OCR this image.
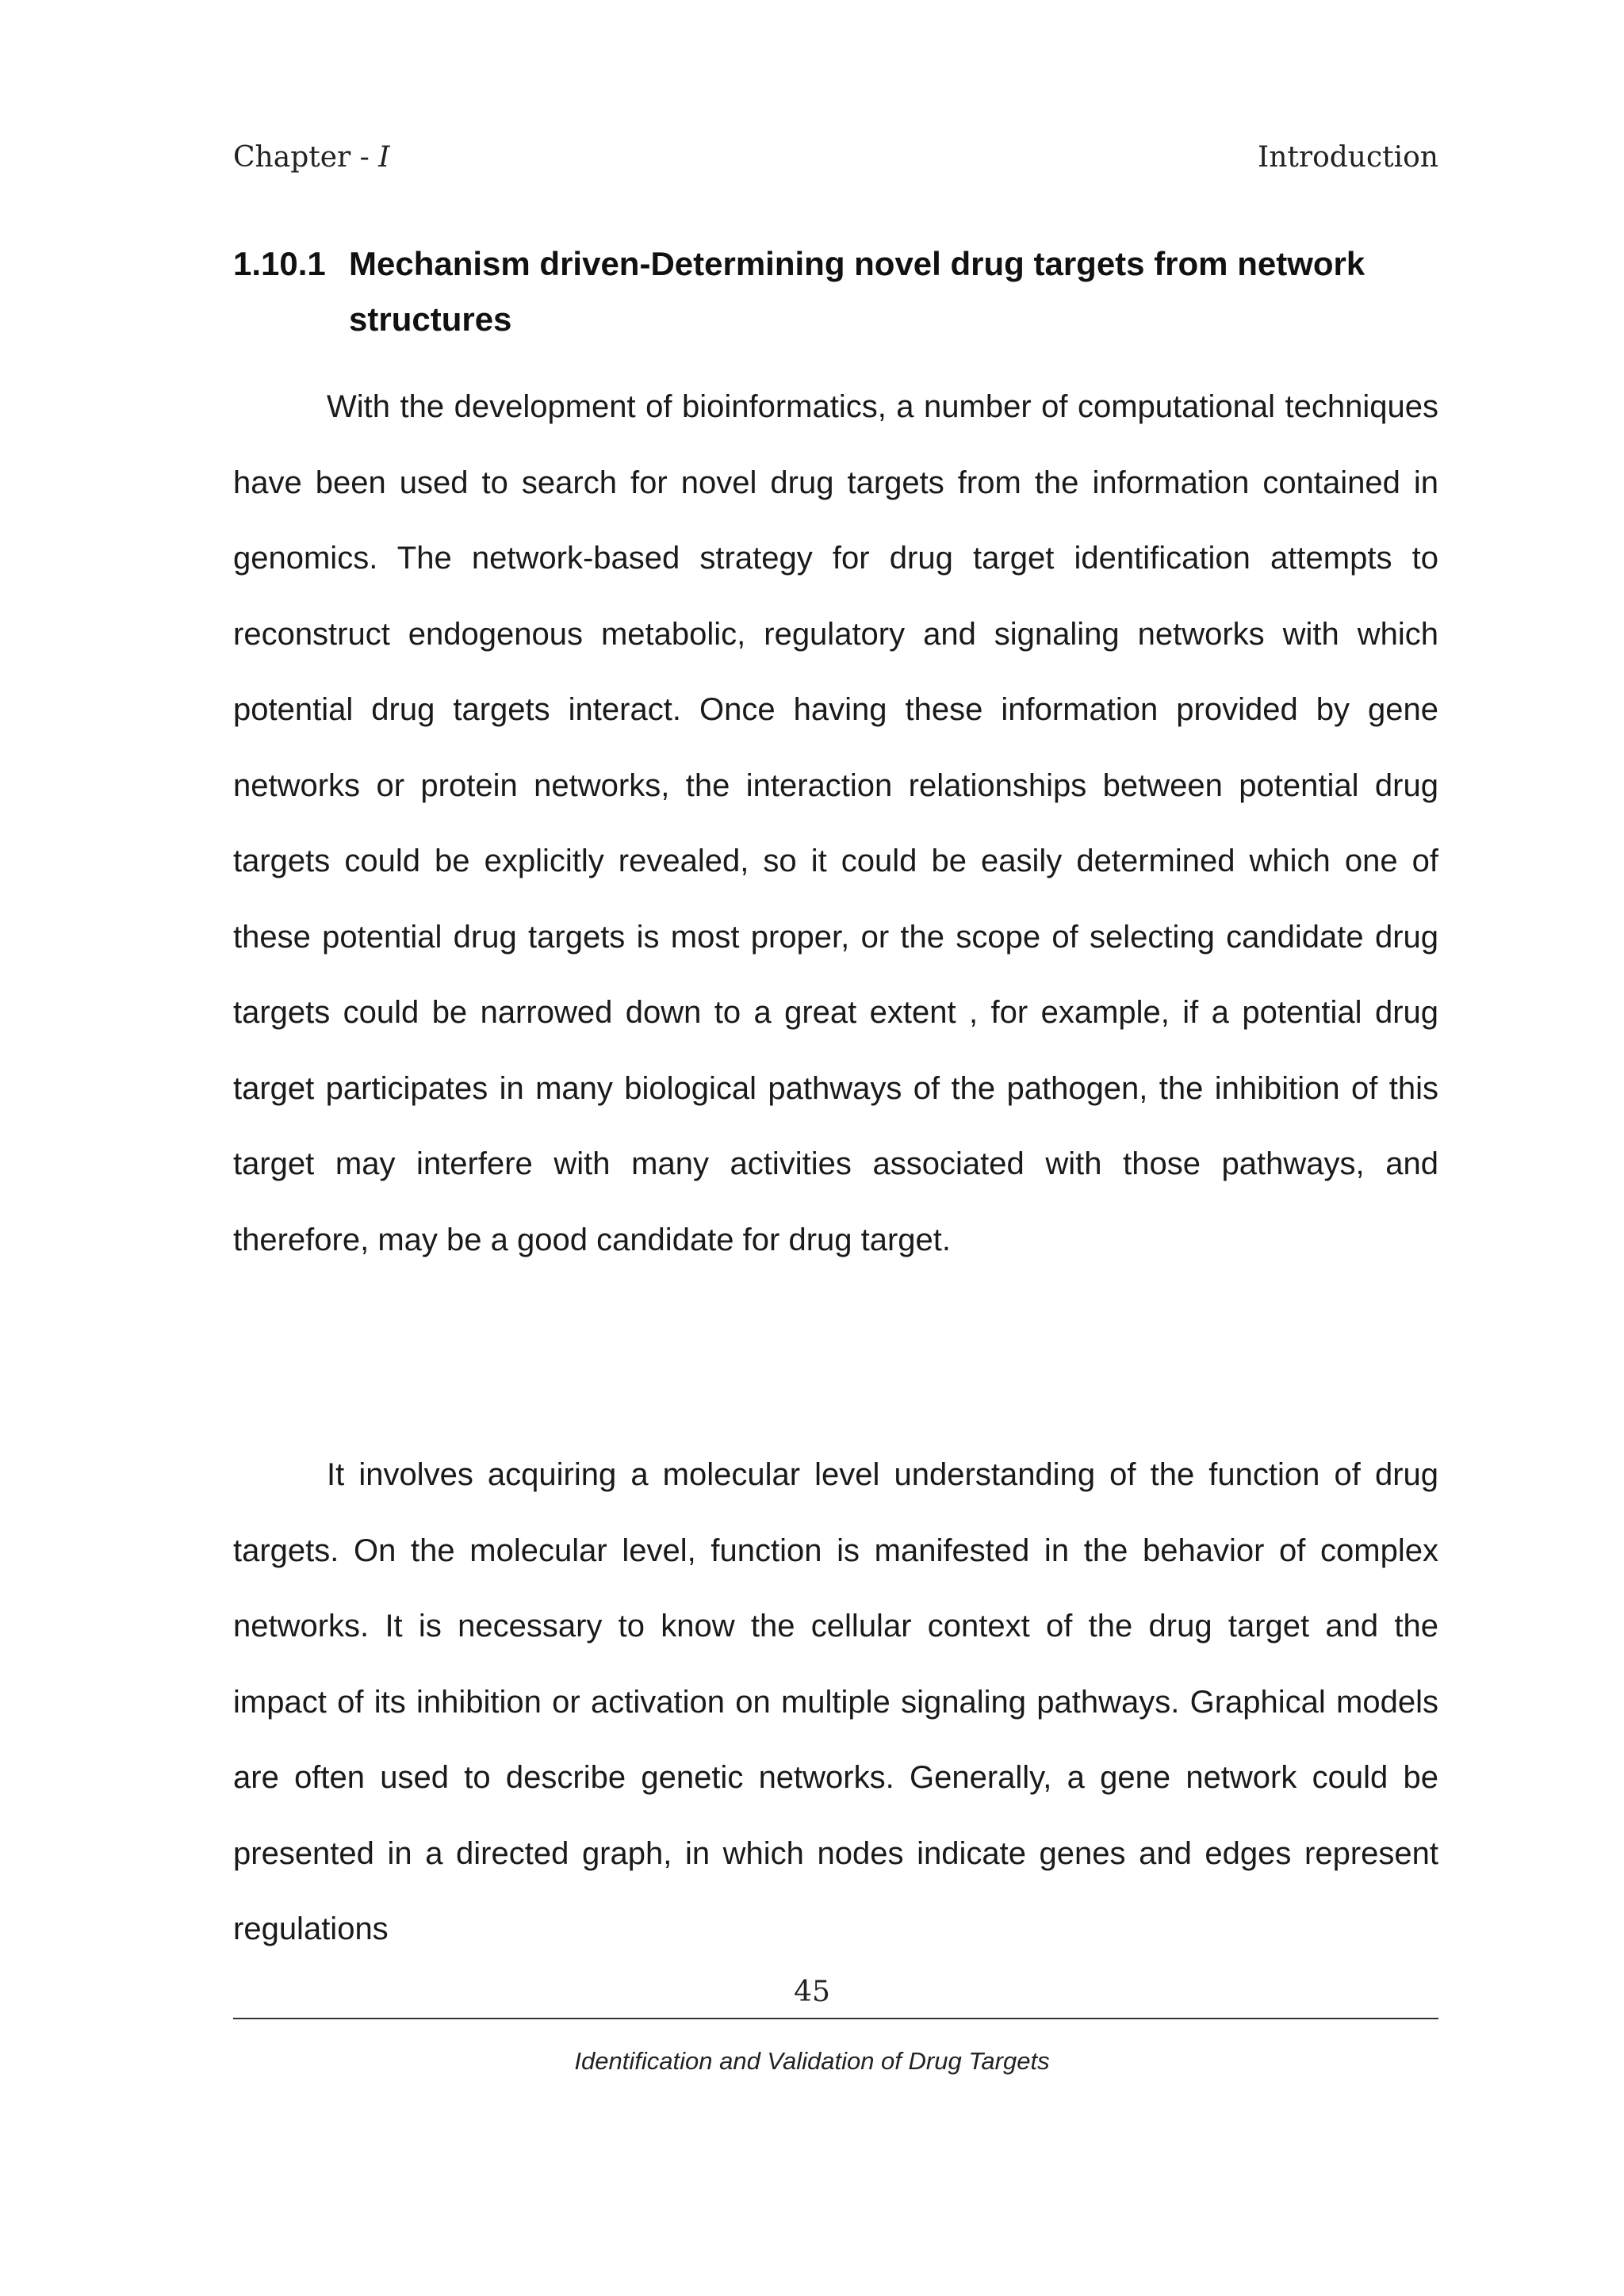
Chapter - I	Introduction
1.10.1 Mechanism driven-Determining novel drug targets from network
structures

With the development of bioinformatics, a number of computational techniques have been used to search for novel drug targets from the information contained in genomics. The network-based strategy for drug target identification attempts to reconstruct endogenous metabolic, regulatory and signaling networks with which potential drug targets interact. Once having these information provided by gene networks or protein networks, the interaction relationships between potential drug targets could be explicitly revealed, so it could be easily determined which one of these potential drug targets is most proper, or the scope of selecting candidate drug targets could be narrowed down to a great extent , for example, if a potential drug target participates in many biological pathways of the pathogen, the inhibition of this target may interfere with many activities associated with those pathways, and therefore, may be a good candidate for drug target.

It involves acquiring a molecular level understanding of the function of drug targets. On the molecular level, function is manifested in the behavior of complex networks. It is necessary to know the cellular context of the drug target and the impact of its inhibition or activation on multiple signaling pathways. Graphical models are often used to describe genetic networks. Generally, a gene network could be presented in a directed graph, in which nodes indicate genes and edges represent regulations

45
Identification and Validation of Drug Targets
